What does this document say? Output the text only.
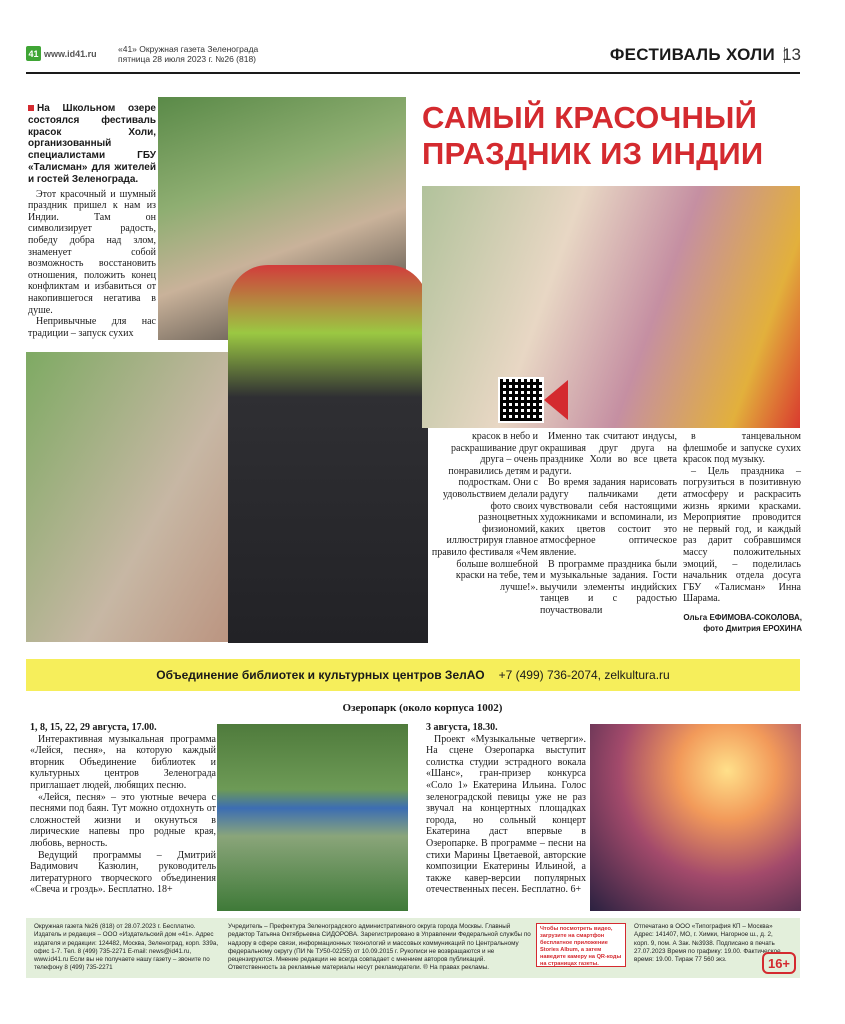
41 www.id41.ru	«41» Окружная газета Зеленограда
пятница 28 июля 2023 г. №26 (818)	ФЕСТИВАЛЬ ХОЛИ 13
На Школьном озере состоялся фестиваль красок Холи, организованный специалистами ГБУ «Талисман» для жителей и гостей Зеленограда.

Этот красочный и шумный праздник пришел к нам из Индии. Там он символизирует радость, победу добра над злом, знаменует собой возможность восстановить отношения, положить конец конфликтам и избавиться от накопившегося негатива в душе.

Непривычные для нас традиции – запуск сухих

САМЫЙ КРАСОЧНЫЙ ПРАЗДНИК ИЗ ИНДИИ

красок в небо и раскрашивание друг друга – очень понравились детям и подросткам. Они с удовольствием делали фото своих разноцветных физиономий, иллюстрируя главное правило фестиваля «Чем больше волшебной краски на тебе, тем лучше!».

Именно так считают индусы, окрашивая друг друга на празднике Холи во все цвета радуги.

Во время задания нарисовать радугу пальчиками дети чувствовали себя настоящими художниками и вспоминали, из каких цветов состоит это атмосферное оптическое явление.

В программе праздника были и музыкальные задания. Гости выучили элементы индийских танцев и с радостью поучаствовали

в танцевальном флешмобе и запуске сухих красок под музыку.

– Цель праздника – погрузиться в позитивную атмосферу и раскрасить жизнь яркими красками. Мероприятие проводится не первый год, и каждый раз дарит собравшимся массу положительных эмоций, – поделилась начальник отдела досуга ГБУ «Талисман» Инна Шарама.

Ольга ЕФИМОВА-СОКОЛОВА,
фото Дмитрия ЕРОХИНА
Объединение библиотек и культурных центров ЗелАО +7 (499) 736-2074, zelkultura.ru
Озеропарк (около корпуса 1002)

1, 8, 15, 22, 29 августа, 17.00.

Интерактивная музыкальная программа «Лейся, песня», на которую каждый вторник Объединение библиотек и культурных центров Зеленограда приглашает людей, любящих песню.

«Лейся, песня» – это уютные вечера с песнями под баян. Тут можно отдохнуть от сложностей жизни и окунуться в лирические напевы про родные края, любовь, верность.

Ведущий программы – Дмитрий Вадимович Казюлин, руководитель литературного творческого объединения «Свеча и гроздь». Бесплатно. 18+

3 августа, 18.30.

Проект «Музыкальные четверги». На сцене Озеропарка выступит солистка студии эстрадного вокала «Шанс», гран-призер конкурса «Соло 1» Екатерина Ильина. Голос зеленоградской певицы уже не раз звучал на концертных площадках города, но сольный концерт Екатерина даст впервые в Озеропарке. В программе – песни на стихи Марины Цветаевой, авторские композиции Екатерины Ильиной, а также кавер-версии популярных отечественных песен. Бесплатно. 6+

Окружная газета №26 (818) от 28.07.2023 г. Бесплатно. Издатель и редакция – ООО «Издательский дом «41». Адрес издателя и редакции: 124482, Москва, Зеленоград, корп. 339а, офис 1-7. Тел. 8 (499) 735-2271 E-mail: news@id41.ru, www.id41.ru Если вы не получаете нашу газету – звоните по телефону 8 (499) 735-2271
Учредитель – Префектура Зеленоградского административного округа города Москвы. Главный редактор Татьяна Октябрьевна СИДОРОВА. Зарегистрировано в Управлении Федеральной службы по надзору в сфере связи, информационных технологий и массовых коммуникаций по Центральному федеральному округу (ПИ № ТУ50-02255) от 10.09.2015 г. Рукописи не возвращаются и не рецензируются. Мнение редакции не всегда совпадает с мнением авторов публикаций. Ответственность за рекламные материалы несут рекламодатели. ® На правах рекламы.
Чтобы посмотреть видео, загрузите на смартфон бесплатное приложение Stories Album, а затем наведите камеру на QR-коды на страницах газеты.
Отпечатано в ООО «Типография КП – Москва» Адрес: 141407, МО, г. Химки, Нагорное ш., д. 2, корп. 9, пом. А Зак. №3938. Подписано в печать 27.07.2023 Время по графику: 19.00. Фактическое время: 19.00. Тираж 77 560 экз.	16+
